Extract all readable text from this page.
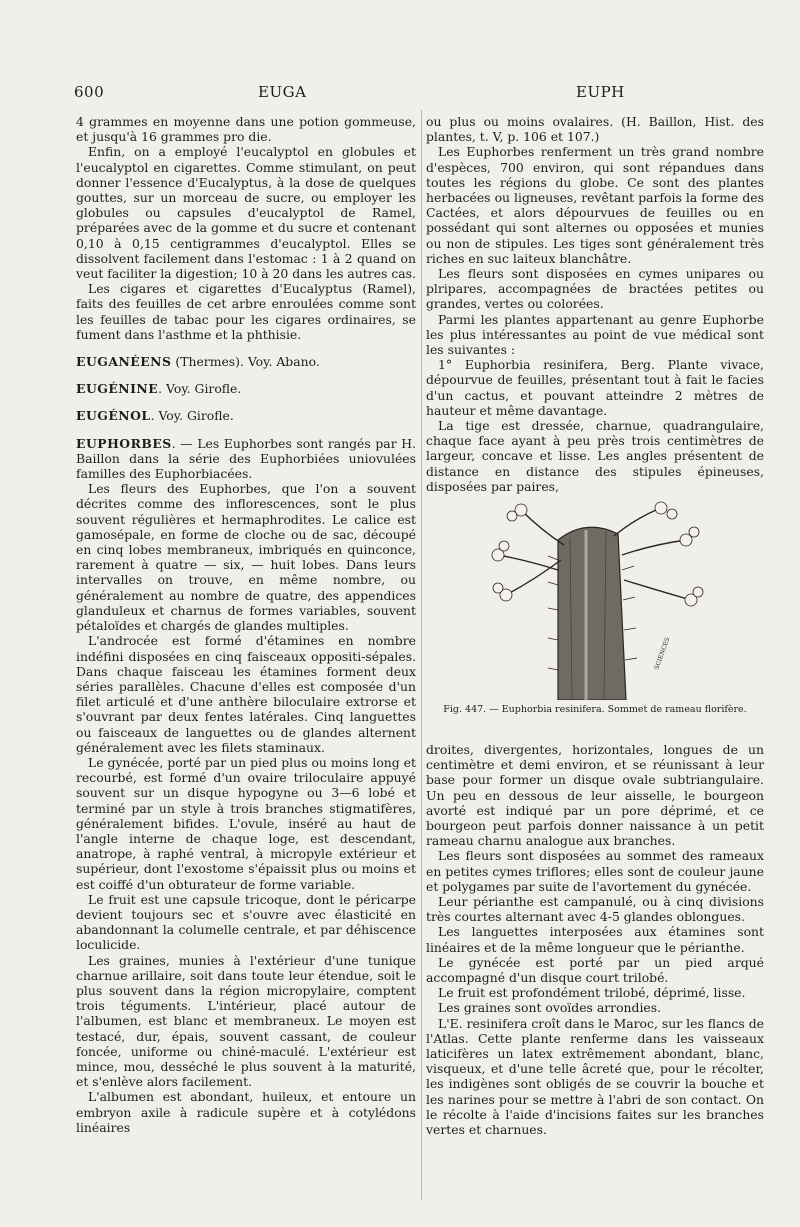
600	EUGA	EUPH

4 grammes en moyenne dans une potion gommeuse, et jusqu'à 16 grammes pro die.

Enfin, on a employé l'eucalyptol en globules et l'eucalyptol en cigarettes. Comme stimulant, on peut donner l'essence d'Eucalyptus, à la dose de quelques gouttes, sur un morceau de sucre, ou employer les globules ou capsules d'eucalyptol de Ramel, préparées avec de la gomme et du sucre et contenant 0,10 à 0,15 centigrammes d'eucalyptol. Elles se dissolvent facilement dans l'estomac : 1 à 2 quand on veut faciliter la digestion; 10 à 20 dans les autres cas.

Les cigares et cigarettes d'Eucalyptus (Ramel), faits des feuilles de cet arbre enroulées comme sont les feuilles de tabac pour les cigares ordinaires, se fument dans l'asthme et la phthisie.

EUGANÉENS (Thermes). Voy. Abano.
EUGÉNINE. Voy. Girofle.
EUGÉNOL. Voy. Girofle.
EUPHORBES. — Les Euphorbes sont rangés par H. Baillon dans la série des Euphorbiées uniovulées familles des Euphorbiacées.

Les fleurs des Euphorbes, que l'on a souvent décrites comme des inflorescences, sont le plus souvent régulières et hermaphrodites. Le calice est gamosépale, en forme de cloche ou de sac, découpé en cinq lobes membraneux, imbriqués en quinconce, rarement à quatre — six, — huit lobes. Dans leurs intervalles on trouve, en même nombre, ou généralement au nombre de quatre, des appendices glanduleux et charnus de formes variables, souvent pétaloïdes et chargés de glandes multiples.

L'androcée est formé d'étamines en nombre indéfini disposées en cinq faisceaux oppositi-sépales. Dans chaque faisceau les étamines forment deux séries parallèles. Chacune d'elles est composée d'un filet articulé et d'une anthère biloculaire extrorse et s'ouvrant par deux fentes latérales. Cinq languettes ou faisceaux de languettes ou de glandes alternent généralement avec les filets staminaux.

Le gynécée, porté par un pied plus ou moins long et recourbé, est formé d'un ovaire triloculaire appuyé souvent sur un disque hypogyne ou 3—6 lobé et terminé par un style à trois branches stigmatifères, généralement bifides. L'ovule, inséré au haut de l'angle interne de chaque loge, est descendant, anatrope, à raphé ventral, à micropyle extérieur et supérieur, dont l'exostome s'épaissit plus ou moins et est coiffé d'un obturateur de forme variable.

Le fruit est une capsule tricoque, dont le péricarpe devient toujours sec et s'ouvre avec élasticité en abandonnant la columelle centrale, et par déhiscence loculicide.

Les graines, munies à l'extérieur d'une tunique charnue arillaire, soit dans toute leur étendue, soit le plus souvent dans la région micropylaire, comptent trois téguments. L'intérieur, placé autour de l'albumen, est blanc et membraneux. Le moyen est testacé, dur, épais, souvent cassant, de couleur foncée, uniforme ou chiné-maculé. L'extérieur est mince, mou, desséché le plus souvent à la maturité, et s'enlève alors facilement.

L'albumen est abondant, huileux, et entoure un embryon axile à radicule supère et à cotylédons linéaires

ou plus ou moins ovalaires. (H. Baillon, Hist. des plantes, t. V, p. 106 et 107.)

Les Euphorbes renferment un très grand nombre d'espèces, 700 environ, qui sont répandues dans toutes les régions du globe. Ce sont des plantes herbacées ou ligneuses, revêtant parfois la forme des Cactées, et alors dépourvues de feuilles ou en possédant qui sont alternes ou opposées et munies ou non de stipules. Les tiges sont généralement très riches en suc laiteux blanchâtre.

Les fleurs sont disposées en cymes unipares ou plripares, accompagnées de bractées petites ou grandes, vertes ou colorées.

Parmi les plantes appartenant au genre Euphorbe les plus intéressantes au point de vue médical sont les suivantes :

1° Euphorbia resinifera, Berg. Plante vivace, dépourvue de feuilles, présentant tout à fait le facies d'un cactus, et pouvant atteindre 2 mètres de hauteur et même davantage.

La tige est dressée, charnue, quadrangulaire, chaque face ayant à peu près trois centimètres de largeur, concave et lisse. Les angles présentent de distance en distance des stipules épineuses, disposées par paires,

SCIENCES
Fig. 447. — Euphorbia resinifera. Sommet de rameau florifère.

droites, divergentes, horizontales, longues de un centimètre et demi environ, et se réunissant à leur base pour former un disque ovale subtriangulaire. Un peu en dessous de leur aisselle, le bourgeon avorté est indiqué par un pore déprimé, et ce bourgeon peut parfois donner naissance à un petit rameau charnu analogue aux branches.

Les fleurs sont disposées au sommet des rameaux en petites cymes triflores; elles sont de couleur jaune et polygames par suite de l'avortement du gynécée.

Leur périanthe est campanulé, ou à cinq divisions très courtes alternant avec 4-5 glandes oblongues.

Les languettes interposées aux étamines sont linéaires et de la même longueur que le périanthe.

Le gynécée est porté par un pied arqué accompagné d'un disque court trilobé.

Le fruit est profondément trilobé, déprimé, lisse.

Les graines sont ovoïdes arrondies.

L'E. resinifera croît dans le Maroc, sur les flancs de l'Atlas. Cette plante renferme dans les vaisseaux laticifères un latex extrêmement abondant, blanc, visqueux, et d'une telle âcreté que, pour le récolter, les indigènes sont obligés de se couvrir la bouche et les narines pour se mettre à l'abri de son contact. On le récolte à l'aide d'incisions faites sur les branches vertes et charnues.
